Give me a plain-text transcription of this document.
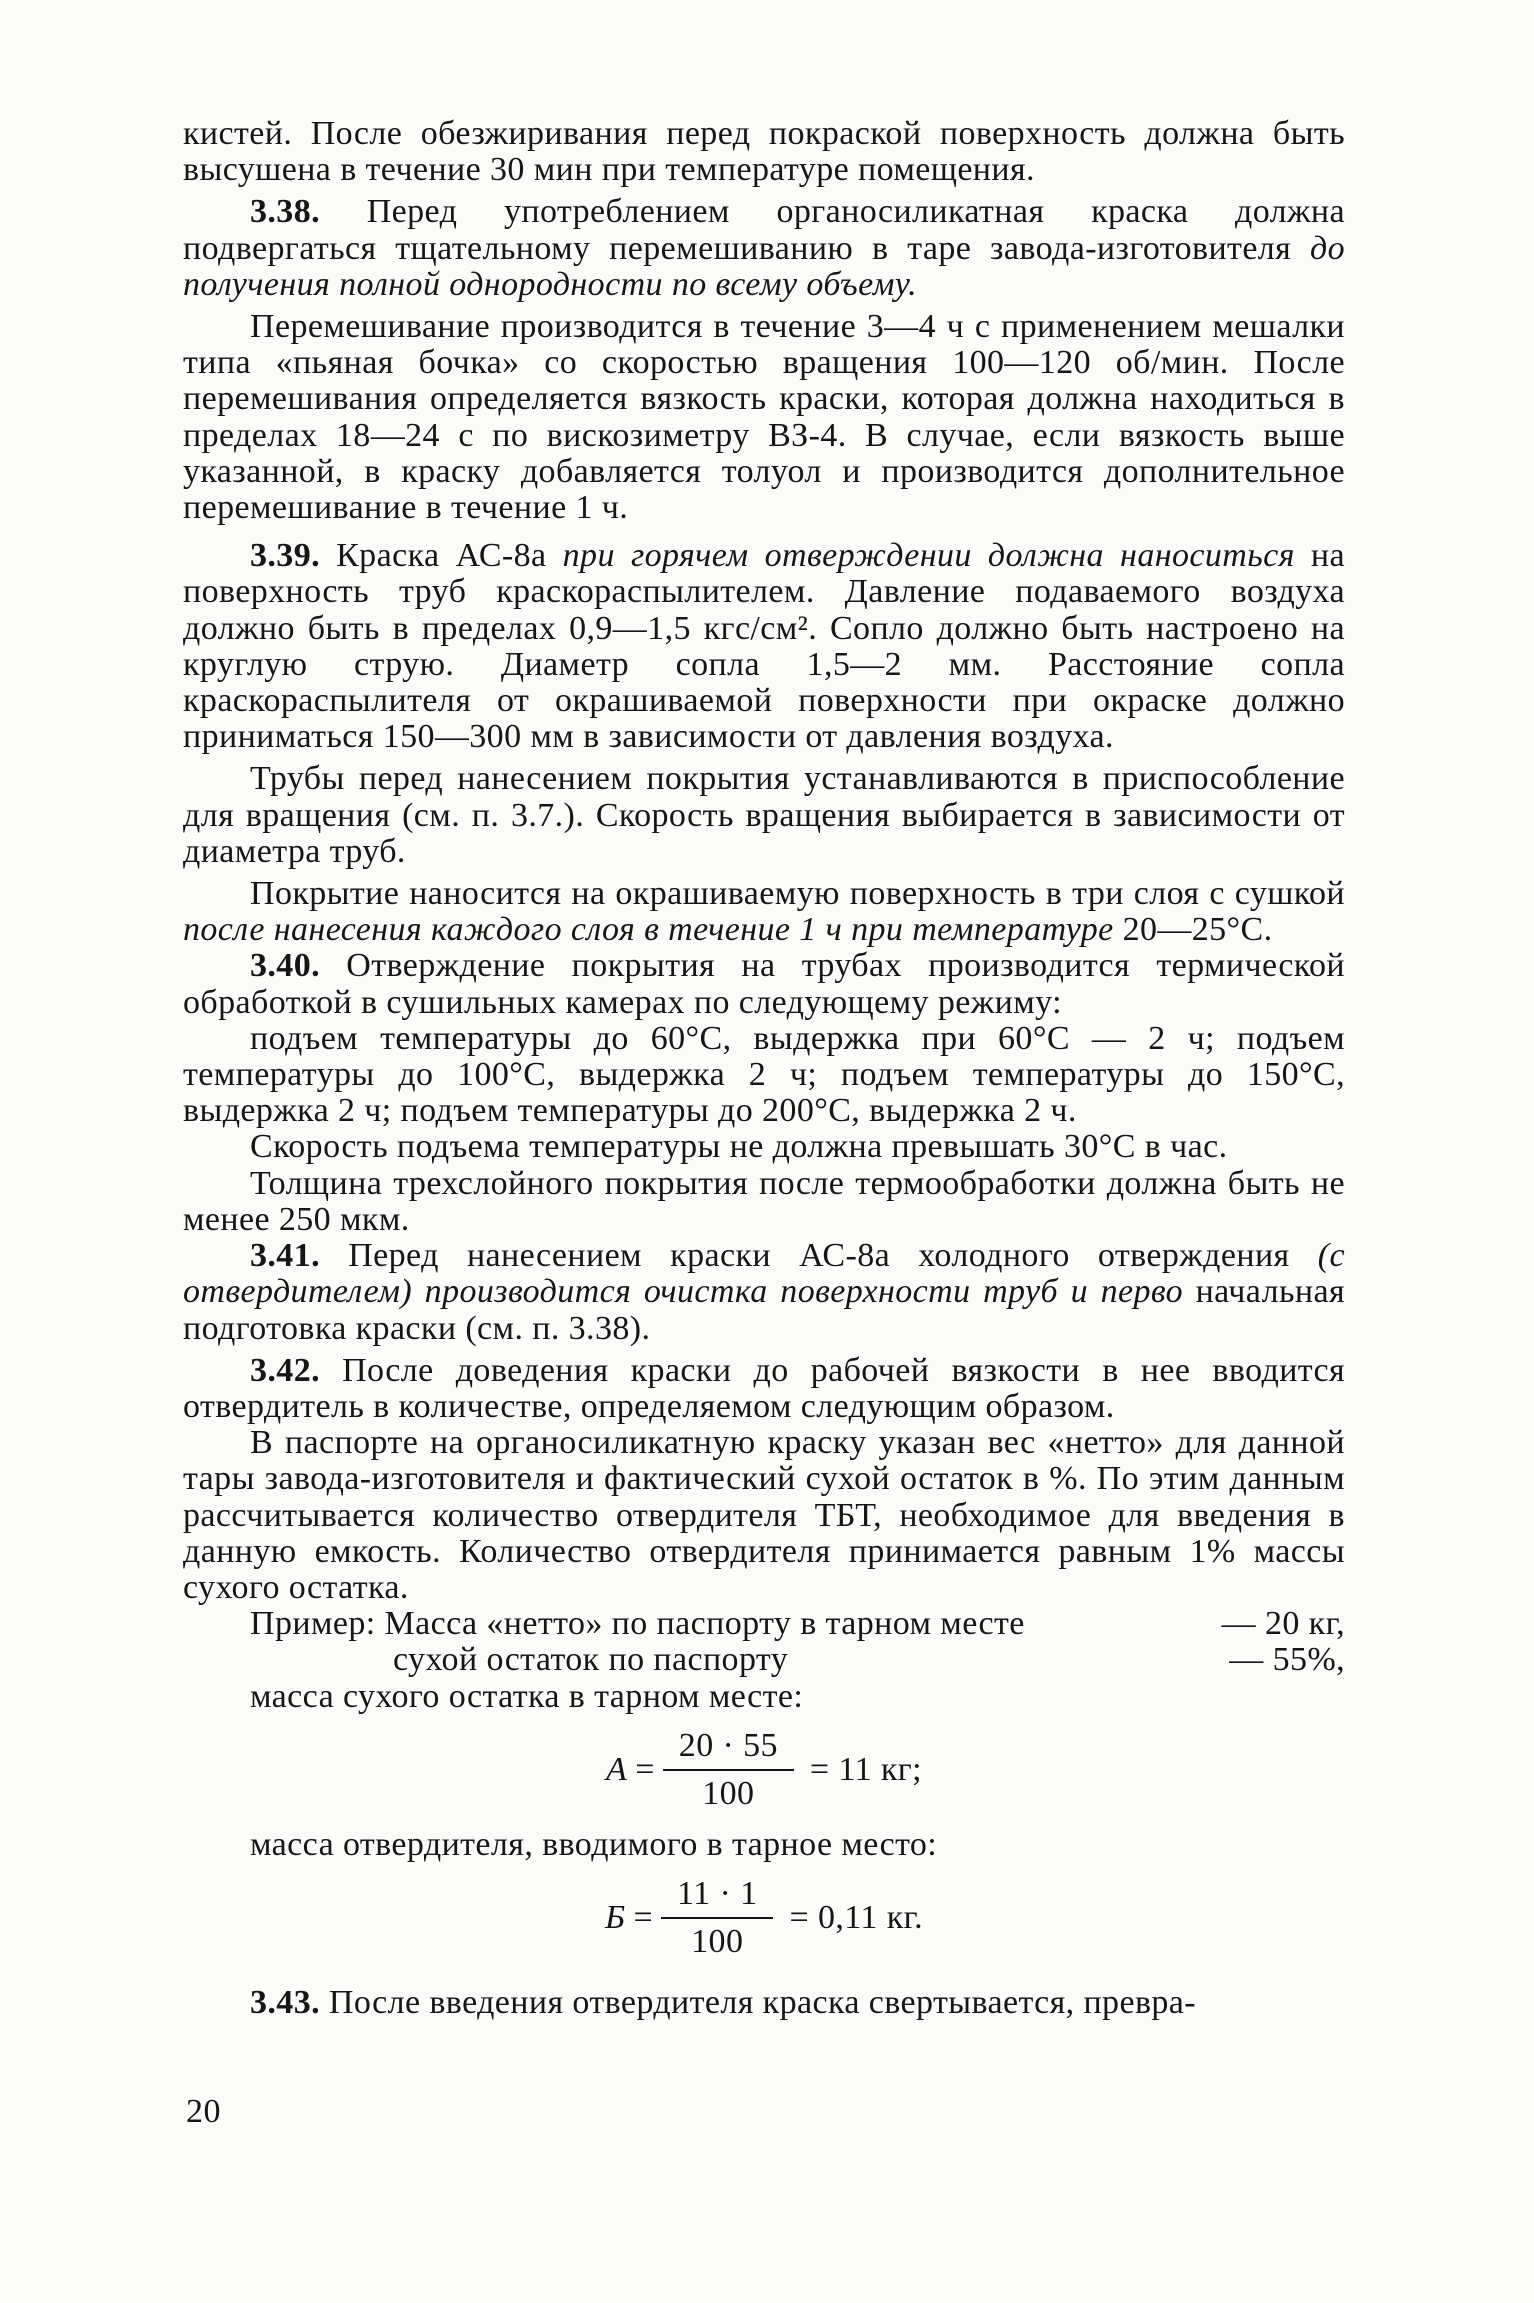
кистей. После обезжиривания перед покраской поверхность должна быть высушена в течение 30 мин при температуре помещения.

3.38. Перед употреблением органосиликатная краска должна подвергаться тщательному перемешиванию в таре завода-изготовителя до получения полной однородности по всему объему.

Перемешивание производится в течение 3—4 ч с применением мешалки типа «пьяная бочка» со скоростью вращения 100—120 об/мин. После перемешивания определяется вязкость краски, которая должна находиться в пределах 18—24 с по вискозиметру ВЗ-4. В случае, если вязкость выше указанной, в краску добавляется толуол и производится дополнительное перемешивание в течение 1 ч.

3.39. Краска АС-8а при горячем отверждении должна наноситься на поверхность труб краскораспылителем. Давление подаваемого воздуха должно быть в пределах 0,9—1,5 кгс/см². Сопло должно быть настроено на круглую струю. Диаметр сопла 1,5—2 мм. Расстояние сопла краскораспылителя от окрашиваемой поверхности при окраске должно приниматься 150—300 мм в зависимости от давления воздуха.

Трубы перед нанесением покрытия устанавливаются в приспособление для вращения (см. п. 3.7.). Скорость вращения выбирается в зависимости от диаметра труб.

Покрытие наносится на окрашиваемую поверхность в три слоя с сушкой после нанесения каждого слоя в течение 1 ч при температуре 20—25°С.

3.40. Отверждение покрытия на трубах производится термической обработкой в сушильных камерах по следующему режиму:

подъем температуры до 60°С, выдержка при 60°С — 2 ч; подъем температуры до 100°С, выдержка 2 ч; подъем температуры до 150°С, выдержка 2 ч; подъем температуры до 200°С, выдержка 2 ч.

Скорость подъема температуры не должна превышать 30°С в час.

Толщина трехслойного покрытия после термообработки должна быть не менее 250 мкм.

3.41. Перед нанесением краски АС-8а холодного отверждения (с отвердителем) производится очистка поверхности труб и перво начальная подготовка краски (см. п. 3.38).

3.42. После доведения краски до рабочей вязкости в нее вводится отвердитель в количестве, определяемом следующим образом.

В паспорте на органосиликатную краску указан вес «нетто» для данной тары завода-изготовителя и фактический сухой остаток в %. По этим данным рассчитывается количество отвердителя ТБТ, необходимое для введения в данную емкость. Количество отвердителя принимается равным 1% массы сухого остатка.

Пример: Масса «нетто» по паспорту в тарном месте	— 20 кг,
сухой остаток по паспорту	— 55%,
масса сухого остатка в тарном месте:
$A = \frac{20 \cdot 55}{100} = 11$ кг;
масса отвердителя, вводимого в тарное место:
$Б = \frac{11 \cdot 1}{100} = 0,11$ кг.

3.43. После введения отвердителя краска свертывается, превра-

20
